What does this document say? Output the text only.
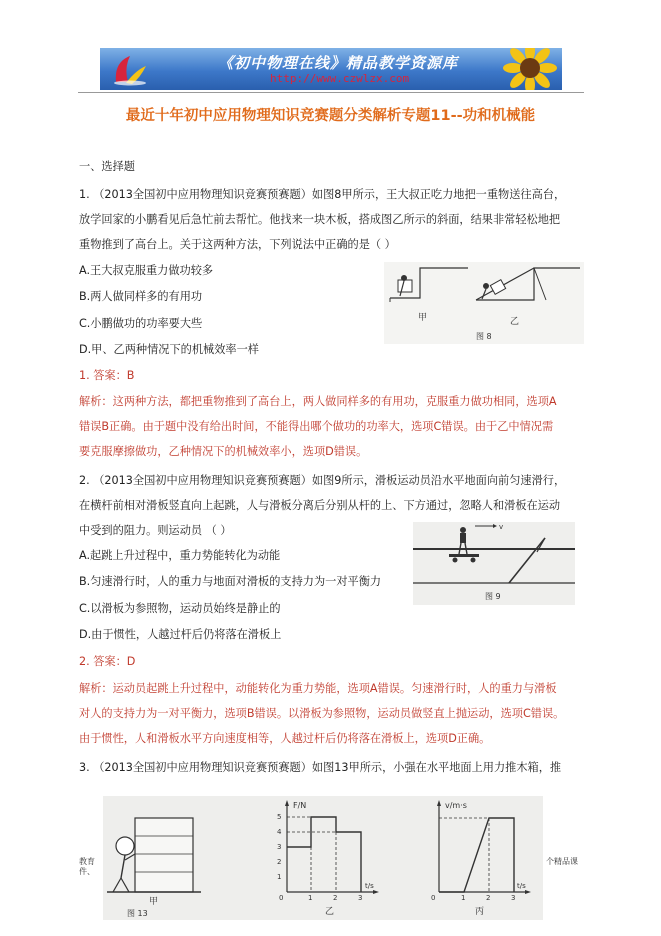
《初中物理在线》精品教学资源库
http://www.czwlzx.com
最近十年初中应用物理知识竞赛题分类解析专题11--功和机械能
一、选择题
1. （2013全国初中应用物理知识竞赛预赛题）如图8甲所示，王大叔正吃力地把一重物送往高台，
放学回家的小鹏看见后急忙前去帮忙。他找来一块木板，搭成图乙所示的斜面，结果非常轻松地把
重物推到了高台上。关于这两种方法，下列说法中正确的是（ ）
A.王大叔克服重力做功较多
B.两人做同样多的有用功
C.小鹏做功的功率要大些
D.甲、乙两种情况下的机械效率一样
1. 答案：B
解析：这两种方法，都把重物推到了高台上，两人做同样多的有用功，克服重力做功相同，选项A
错误B正确。由于题中没有给出时间，不能得出哪个做功的功率大，选项C错误。由于乙中情况需
要克服摩擦做功，乙种情况下的机械效率小，选项D错误。
甲	乙
图 8
2. （2013全国初中应用物理知识竞赛预赛题）如图9所示，滑板运动员沿水平地面向前匀速滑行，
在横杆前相对滑板竖直向上起跳，人与滑板分离后分别从杆的上、下方通过，忽略人和滑板在运动
中受到的阻力。则运动员 （ ）
A.起跳上升过程中，重力势能转化为动能
B.匀速滑行时，人的重力与地面对滑板的支持力为一对平衡力
C.以滑板为参照物，运动员始终是静止的
D.由于惯性，人越过杆后仍将落在滑板上
2. 答案：D
解析：运动员起跳上升过程中，动能转化为重力势能，选项A错误。匀速滑行时，人的重力与滑板
对人的支持力为一对平衡力，选项B错误。以滑板为参照物，运动员做竖直上抛运动，选项C错误。
由于惯性，人和滑板水平方向速度相等，人越过杆后仍将落在滑板上，选项D正确。
v
图 9
3. （2013全国初中应用物理知识竞赛预赛题）如图13甲所示，小强在水平地面上用力推木箱，推
甲
图 13
F/N
5
4
3
2
1
0	1	2	3
t/s
乙
v/m·s
0	1	2	3
t/s
丙
教育
件、
个精品课
